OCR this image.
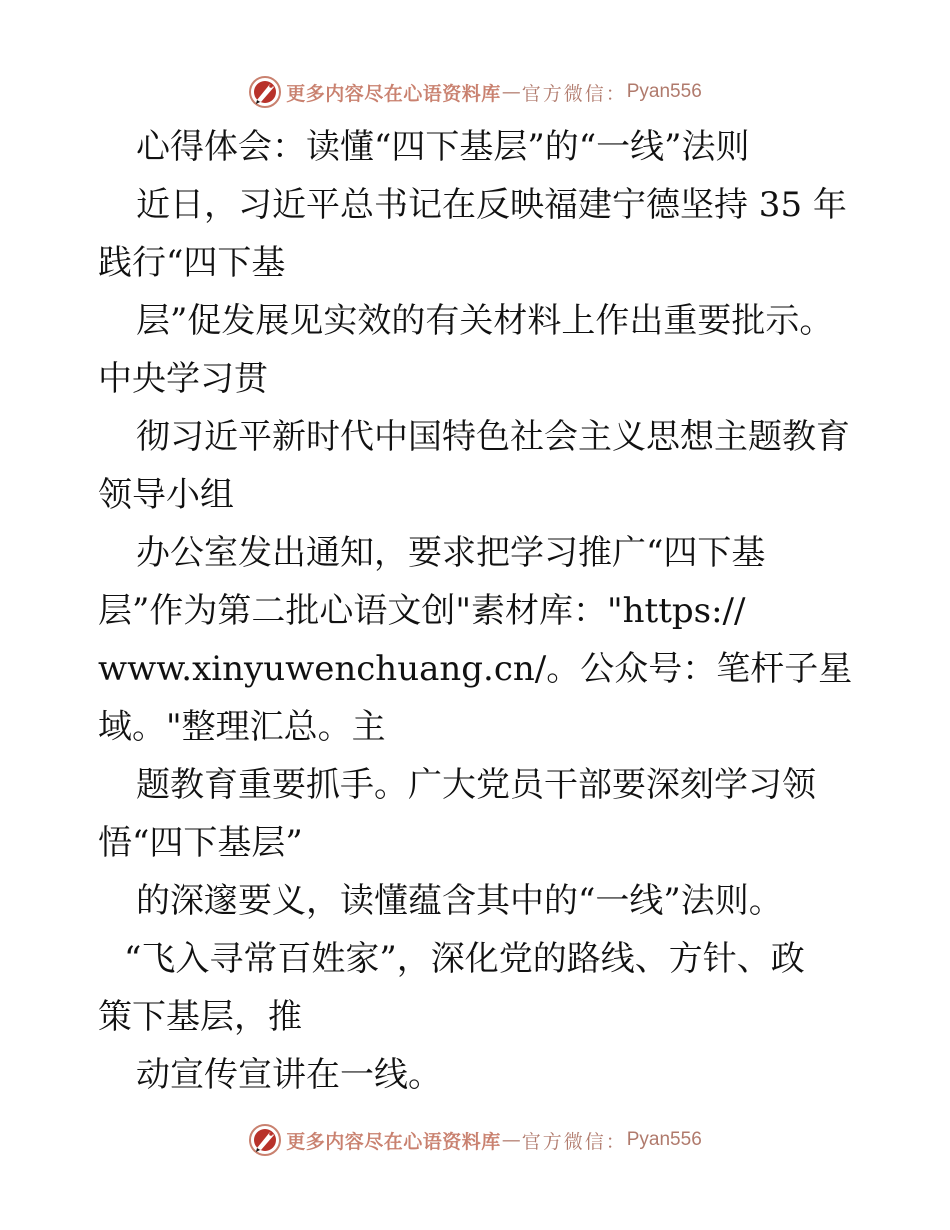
更多内容尽在心语资料库 — 官方微信： Pyan556
心得体会：读懂“四下基层”的“一线”法则
近日，习近平总书记在反映福建宁德坚持 35 年
践行“四下基
层”促发展见实效的有关材料上作出重要批示。
中央学习贯
彻习近平新时代中国特色社会主义思想主题教育
领导小组
办公室发出通知，要求把学习推广“四下基
层”作为第二批心语文创"素材库："https://
www.xinyuwenchuang.cn/。公众号：笔杆子星
域。"整理汇总。主
题教育重要抓手。广大党员干部要深刻学习领
悟“四下基层”
的深邃要义，读懂蕴含其中的“一线”法则。
“飞入寻常百姓家”，深化党的路线、方针、政
策下基层，推
动宣传宣讲在一线。
更多内容尽在心语资料库 — 官方微信： Pyan556
